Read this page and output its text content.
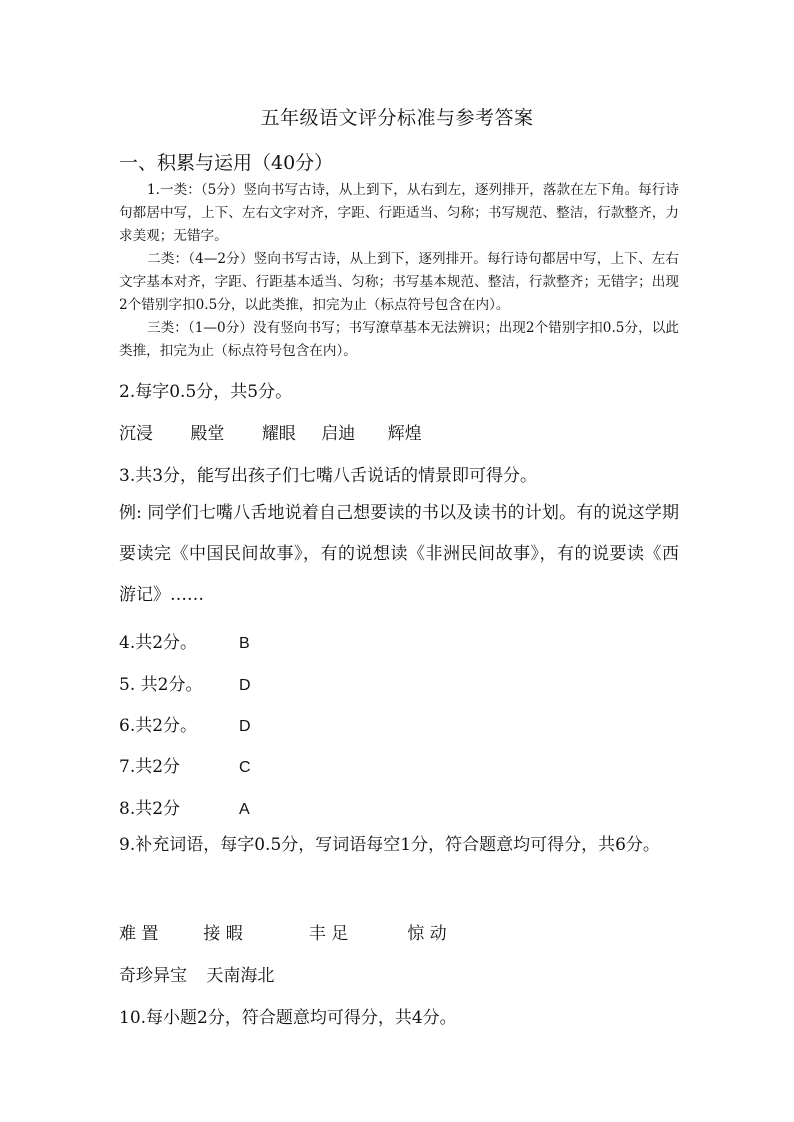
五年级语文评分标准与参考答案
一、积累与运用（40分）

1.一类：（5分）竖向书写古诗，从上到下，从右到左，逐列排开，落款在左下角。每行诗句都居中写，上下、左右文字对齐，字距、行距适当、匀称；书写规范、整洁，行款整齐，力求美观；无错字。

二类：（4—2分）竖向书写古诗，从上到下，逐列排开。每行诗句都居中写，上下、左右文字基本对齐，字距、行距基本适当、匀称；书写基本规范、整洁，行款整齐；无错字；出现2个错别字扣0.5分，以此类推，扣完为止（标点符号包含在内）。

三类：（1—0分）没有竖向书写；书写潦草基本无法辨识；出现2个错别字扣0.5分，以此类推，扣完为止（标点符号包含在内）。

2.每字0.5分，共5分。
沉浸 殿堂 耀眼 启迪 辉煌
3.共3分，能写出孩子们七嘴八舌说话的情景即可得分。
例: 同学们七嘴八舌地说着自己想要读的书以及读书的计划。有的说这学期要读完《中国民间故事》，有的说想读《非洲民间故事》，有的说要读《西游记》……
4.共2分。	B
5. 共2分。 D
6.共2分。	D
7.共2分	C
8.共2分	A
9.补充词语，每字0.5分，写词语每空1分，符合题意均可得分，共6分。
难 置	接 暇	丰 足	惊 动
奇珍异宝 天南海北
10.每小题2分，符合题意均可得分，共4分。
